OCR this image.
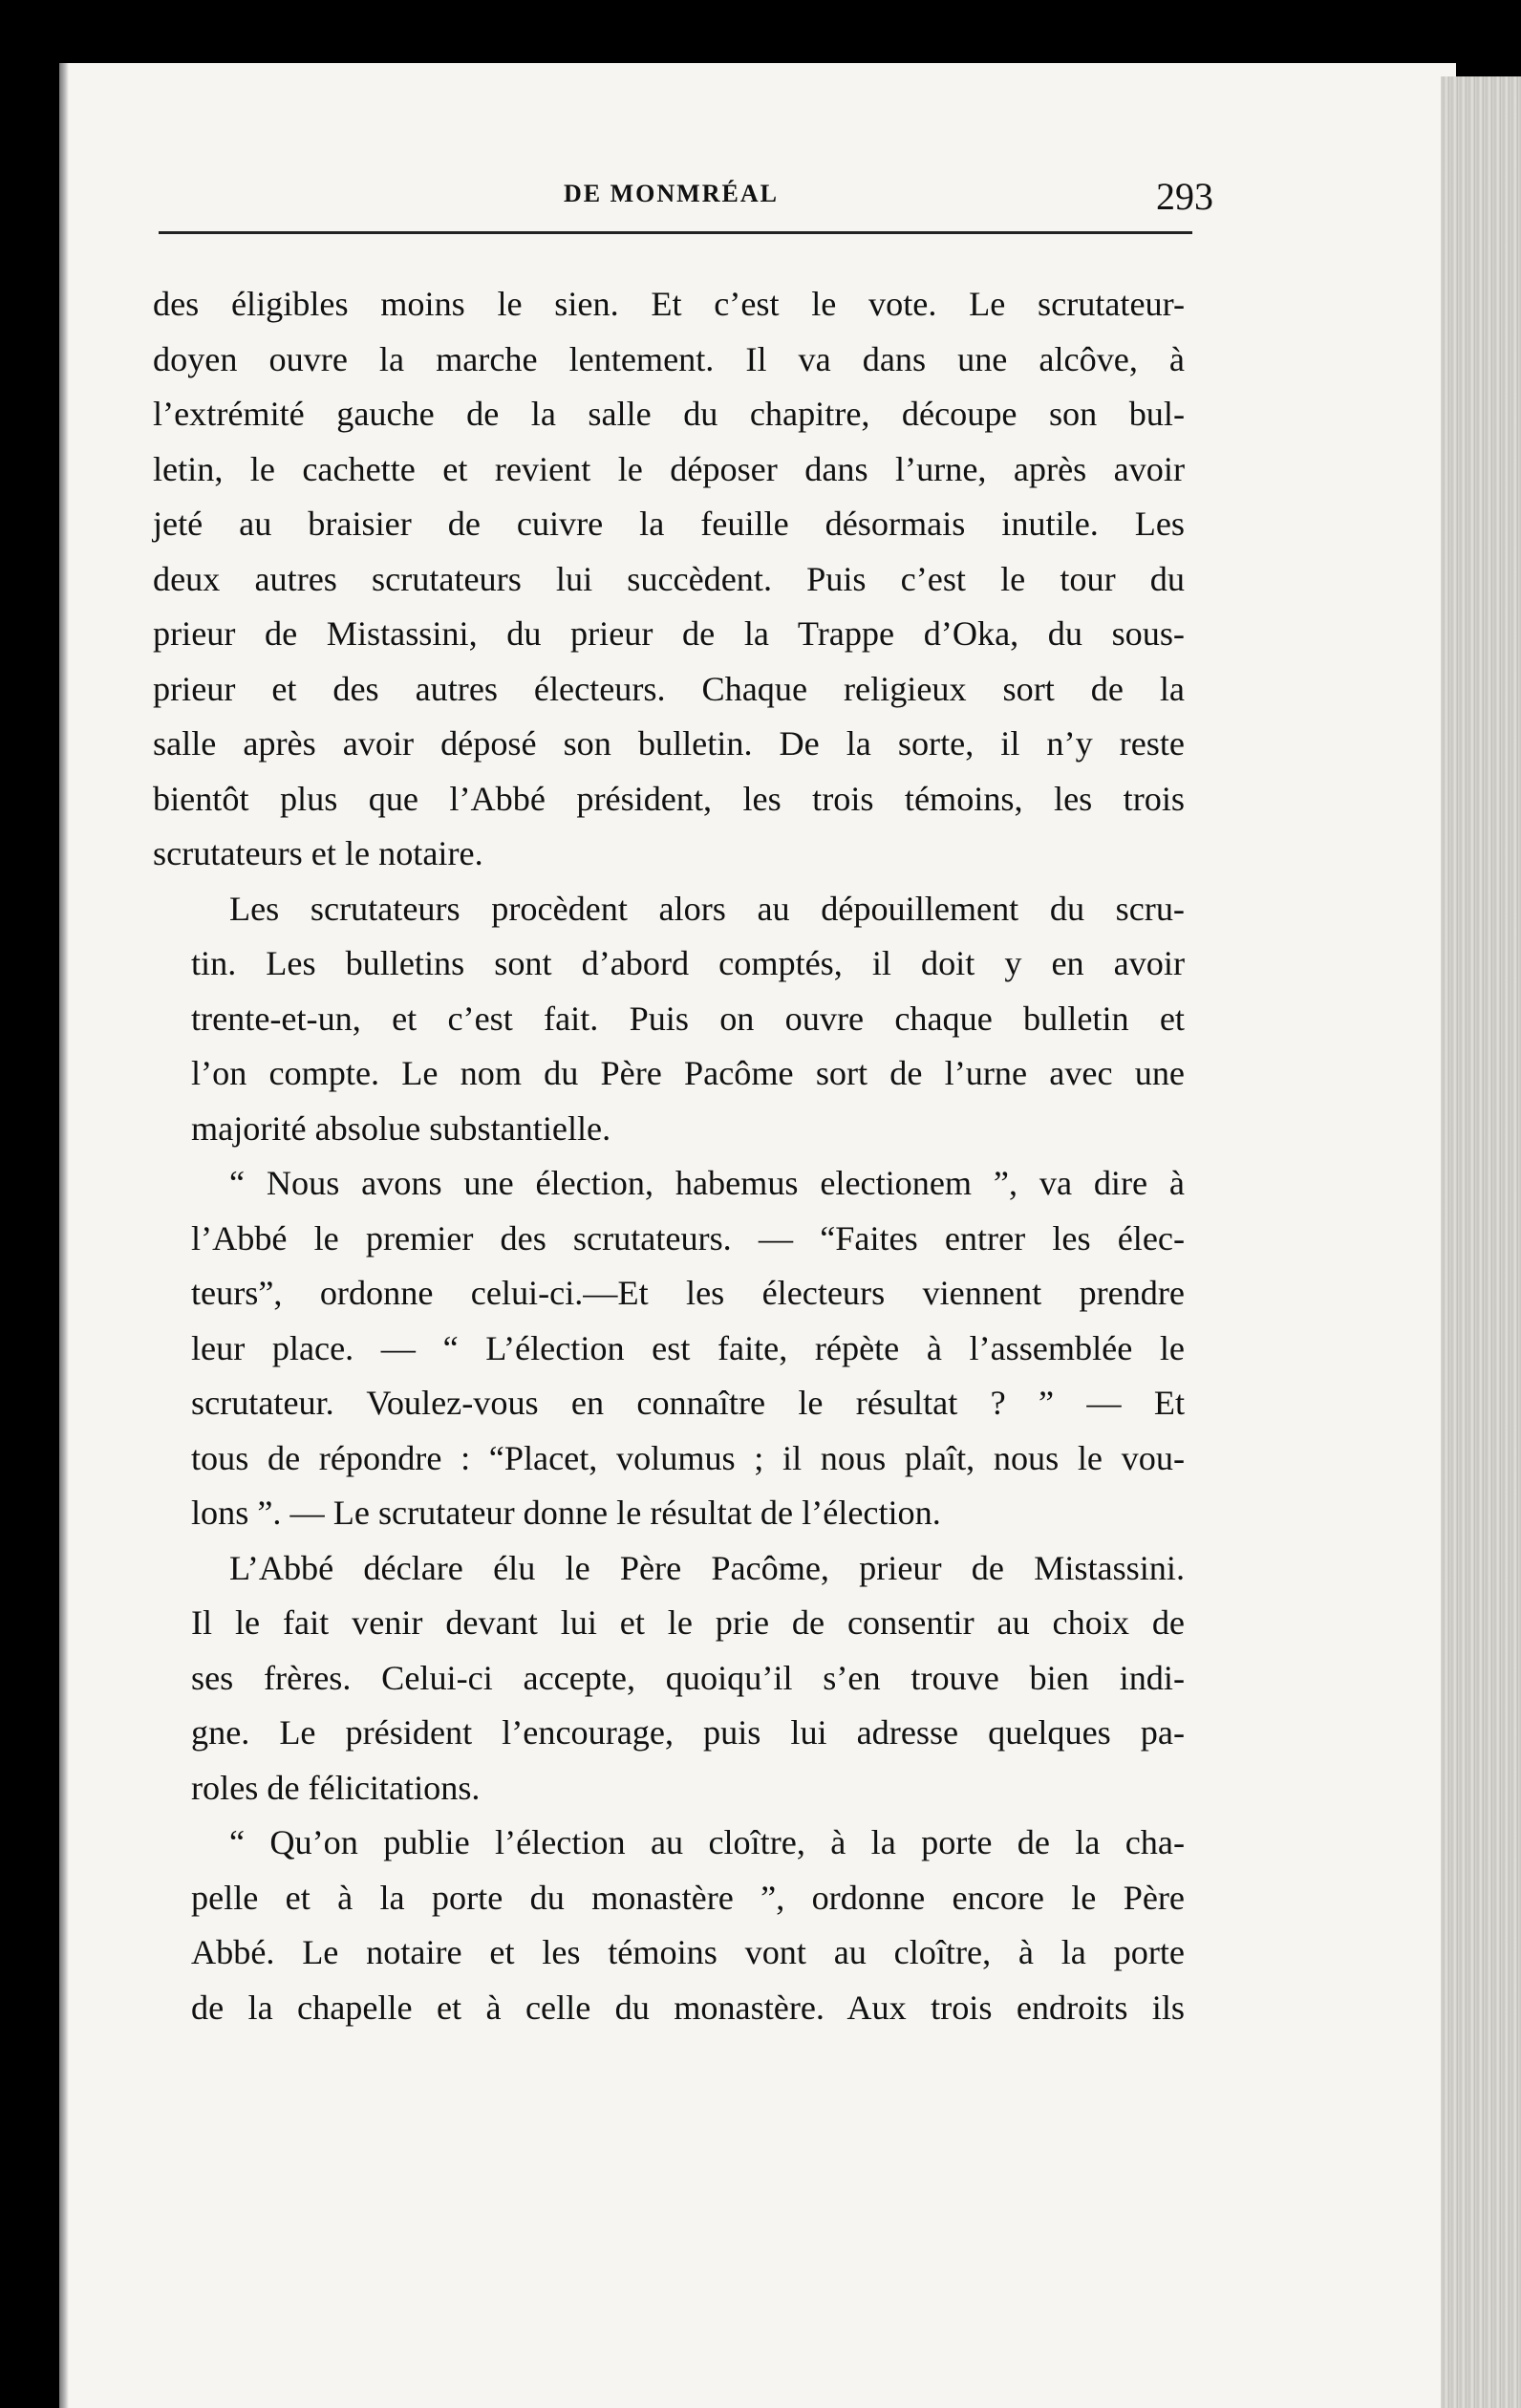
DE MONMRÉAL	293

des éligibles moins le sien. Et c’est le vote. Le scrutateur-
doyen ouvre la marche lentement. Il va dans une alcôve, à
l’extrémité gauche de la salle du chapitre, découpe son bul-
letin, le cachette et revient le déposer dans l’urne, après avoir
jeté au braisier de cuivre la feuille désormais inutile. Les
deux autres scrutateurs lui succèdent. Puis c’est le tour du
prieur de Mistassini, du prieur de la Trappe d’Oka, du sous-
prieur et des autres électeurs. Chaque religieux sort de la
salle après avoir déposé son bulletin. De la sorte, il n’y reste
bientôt plus que l’Abbé président, les trois témoins, les trois
scrutateurs et le notaire.

Les scrutateurs procèdent alors au dépouillement du scru-
tin. Les bulletins sont d’abord comptés, il doit y en avoir
trente-et-un, et c’est fait. Puis on ouvre chaque bulletin et
l’on compte. Le nom du Père Pacôme sort de l’urne avec une
majorité absolue substantielle.

“ Nous avons une élection, habemus electionem ”, va dire à
l’Abbé le premier des scrutateurs. — “Faites entrer les élec-
teurs”, ordonne celui-ci.—Et les électeurs viennent prendre
leur place. — “ L’élection est faite, répète à l’assemblée le
scrutateur. Voulez-vous en connaître le résultat ? ” — Et
tous de répondre : “Placet, volumus ; il nous plaît, nous le vou-
lons ”. — Le scrutateur donne le résultat de l’élection.

L’Abbé déclare élu le Père Pacôme, prieur de Mistassini.
Il le fait venir devant lui et le prie de consentir au choix de
ses frères. Celui-ci accepte, quoiqu’il s’en trouve bien indi-
gne. Le président l’encourage, puis lui adresse quelques pa-
roles de félicitations.

“ Qu’on publie l’élection au cloître, à la porte de la cha-
pelle et à la porte du monastère ”, ordonne encore le Père
Abbé. Le notaire et les témoins vont au cloître, à la porte
de la chapelle et à celle du monastère. Aux trois endroits ils
